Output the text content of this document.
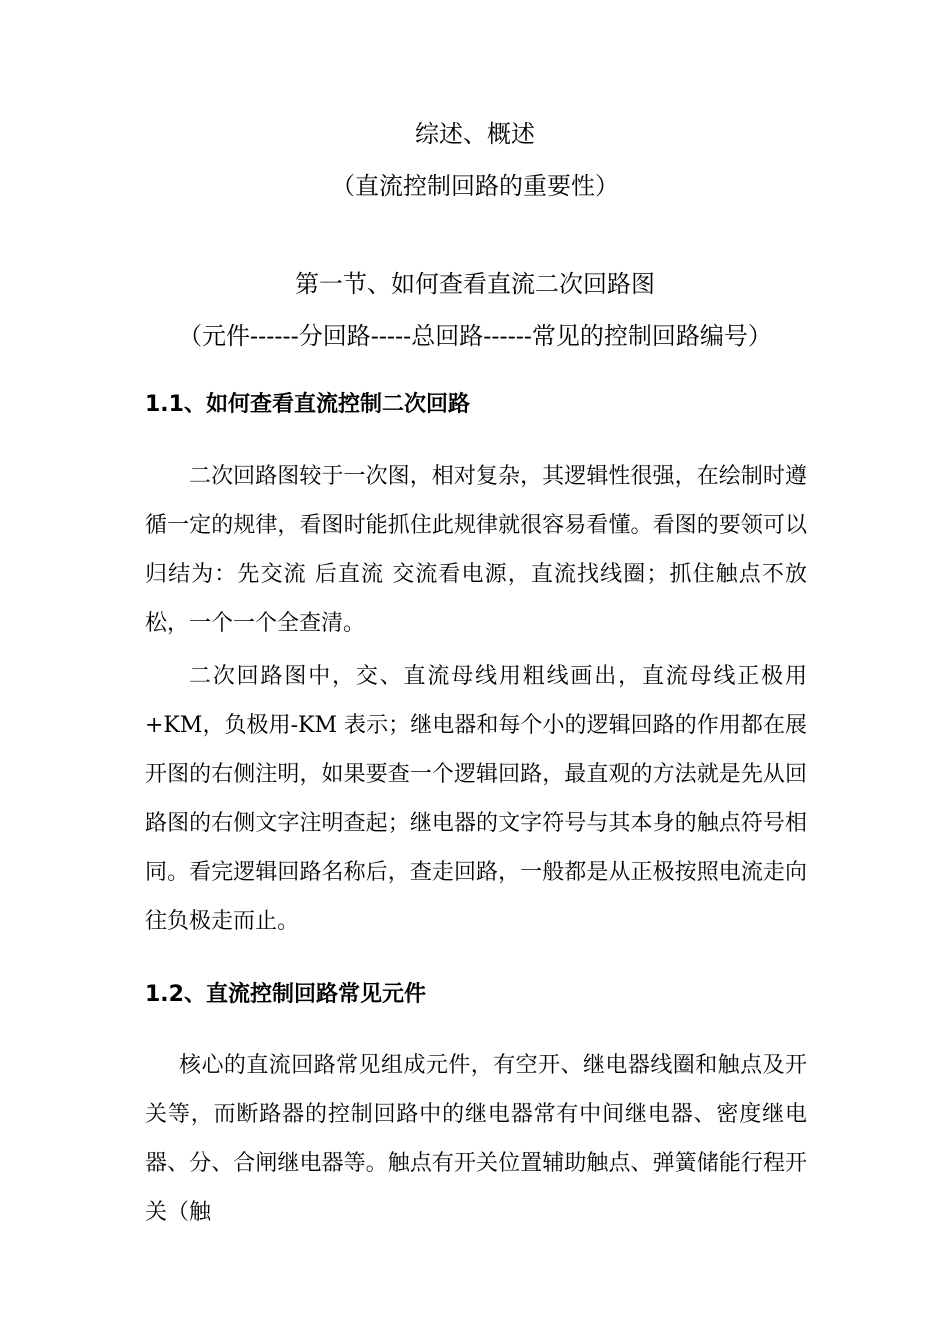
综述、概述
（直流控制回路的重要性）
第一节、如何查看直流二次回路图
（元件------分回路-----总回路------常见的控制回路编号）
1.1、如何查看直流控制二次回路

二次回路图较于一次图，相对复杂，其逻辑性很强，在绘制时遵循一定的规律，看图时能抓住此规律就很容易看懂。看图的要领可以归结为：先交流 后直流 交流看电源，直流找线圈；抓住触点不放松，一个一个全查清。

二次回路图中，交、直流母线用粗线画出，直流母线正极用+KM，负极用-KM 表示；继电器和每个小的逻辑回路的作用都在展开图的右侧注明，如果要查一个逻辑回路，最直观的方法就是先从回路图的右侧文字注明查起；继电器的文字符号与其本身的触点符号相同。看完逻辑回路名称后，查走回路，一般都是从正极按照电流走向往负极走而止。

1.2、直流控制回路常见元件

核心的直流回路常见组成元件，有空开、继电器线圈和触点及开关等，而断路器的控制回路中的继电器常有中间继电器、密度继电器、分、合闸继电器等。触点有开关位置辅助触点、弹簧储能行程开关（触
